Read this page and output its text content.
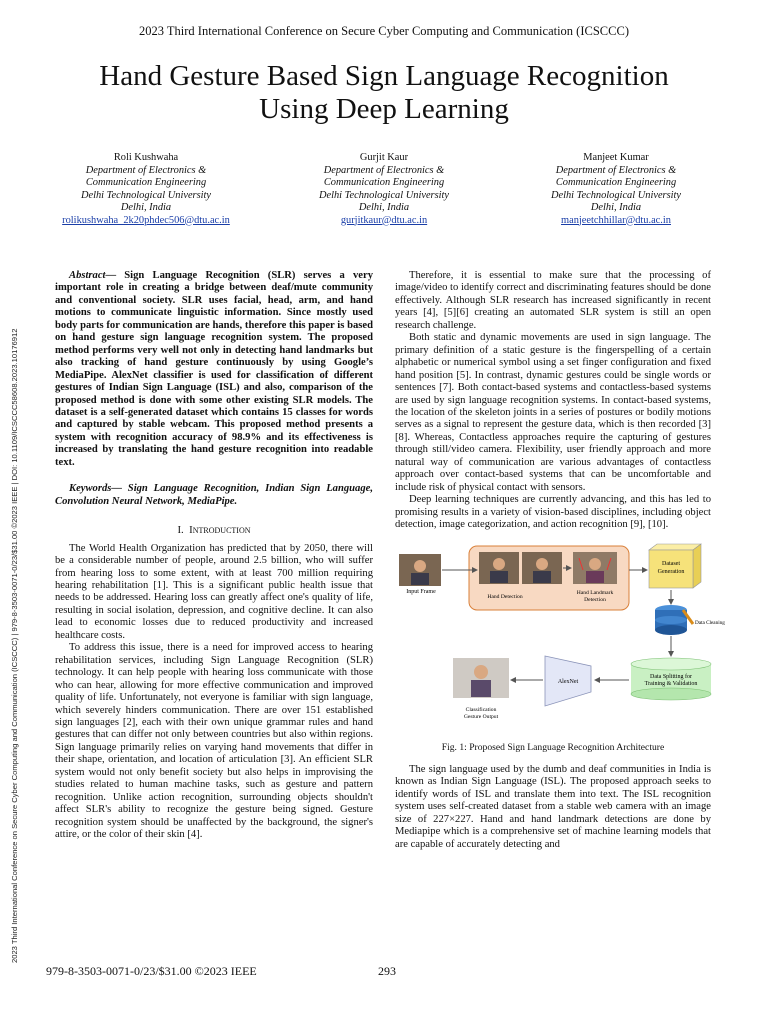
2023 Third International Conference on Secure Cyber Computing and Communication (ICSCCC)
Hand Gesture Based Sign Language Recognition
Using Deep Learning
Roli Kushwaha
Department of Electronics &
Communication Engineering
Delhi Technological University
Delhi, India
rolikushwaha_2k20phdec506@dtu.ac.in
Gurjit Kaur
Department of Electronics &
Communication Engineering
Delhi Technological University
Delhi, India
gurjitkaur@dtu.ac.in
Manjeet Kumar
Department of Electronics &
Communication Engineering
Delhi Technological University
Delhi, India
manjeetchhillar@dtu.ac.in
2023 Third International Conference on Secure Cyber Computing and Communication (ICSCCC) | 979-8-3503-0071-0/23/$31.00 ©2023 IEEE | DOI: 10.1109/ICSCCC58608.2023.10176912

Abstract— Sign Language Recognition (SLR) serves a very important role in creating a bridge between deaf/mute community and conventional society. SLR uses facial, head, arm, and hand motions to communicate linguistic information. Since mostly used body parts for communication are hands, therefore this paper is based on hand gesture sign language recognition system. The proposed method performs very well not only in detecting hand landmarks but also tracking of hand gesture continuously by using Google’s MediaPipe. AlexNet classifier is used for classification of different gestures of Indian Sign Language (ISL) and also, comparison of the proposed method is done with some other existing SLR models. The dataset is a self-generated dataset which contains 15 classes for words and captured by stable webcam. This proposed method presents a system with recognition accuracy of 98.9% and its effectiveness is increased by translating the hand gesture recognition into readable text.

Keywords— Sign Language Recognition, Indian Sign Language, Convolution Neural Network, MediaPipe.

I. Introduction

The World Health Organization has predicted that by 2050, there will be a considerable number of people, around 2.5 billion, who will suffer from hearing loss to some extent, with at least 700 million requiring hearing rehabilitation [1]. This is a significant public health issue that needs to be addressed. Hearing loss can greatly affect one's quality of life, resulting in social isolation, depression, and cognitive decline. It can also lead to economic losses due to reduced productivity and increased healthcare costs.

To address this issue, there is a need for improved access to hearing rehabilitation services, including Sign Language Recognition (SLR) technology. It can help people with hearing loss communicate with those who can hear, allowing for more effective communication and improved quality of life. Unfortunately, not everyone is familiar with sign language, which severely hinders communication. There are over 151 established sign languages [2], each with their own unique grammar rules and hand gestures that can differ not only between countries but also within regions. Sign language primarily relies on varying hand movements that differ in their shape, orientation, and location of articulation [3]. An efficient SLR system would not only benefit society but also helps in improvising the studies related to human machine tasks, such as gesture and pattern recognition. Unlike action recognition, surrounding objects shouldn't affect SLR's ability to recognize the gesture being signed. Gesture recognition system should be unaffected by the background, the signer's attire, or the color of their skin [4].

Therefore, it is essential to make sure that the processing of image/video to identify correct and discriminating features should be done effectively. Although SLR research has increased significantly in recent years [4], [5][6] creating an automated SLR system is still an open research challenge.

Both static and dynamic movements are used in sign language. The primary definition of a static gesture is the fingerspelling of a certain alphabetic or numerical symbol using a set finger configuration and fixed hand position [5]. In contrast, dynamic gestures could be single words or sentences [7]. Both contact-based systems and contactless-based systems are used by sign language recognition systems. In contact-based systems, the location of the skeleton joints in a series of postures or bodily motions serves as a signal to represent the gesture data, which is then recorded [3][8]. Whereas, Contactless approaches require the capturing of gestures through still/video camera. Flexibility, user friendly approach and more natural way of communication are various advantages of contactless approach over contact-based systems that can be uncomfortable and include risk of physical contact with sensors.

Deep learning techniques are currently advancing, and this has led to promising results in a variety of vision-based disciplines, including object detection, image categorization, and action recognition [9], [10].

Input Frame
Hand Detection
Hand Landmark
Detection
Dataset
Generation
Data Cleaning
Data Splitting for
Training & Validation
AlexNet
Classification
Gesture Output
Fig. 1: Proposed Sign Language Recognition Architecture

The sign language used by the dumb and deaf communities in India is known as Indian Sign Language (ISL). The proposed approach seeks to identify words of ISL and translate them into text. The ISL recognition system uses self-created dataset from a stable web camera with an image size of 227×227. Hand and hand landmark detections are done by Mediapipe which is a comprehensive set of machine learning models that are capable of accurately detecting and

979-8-3503-0071-0/23/$31.00 ©2023 IEEE	293
